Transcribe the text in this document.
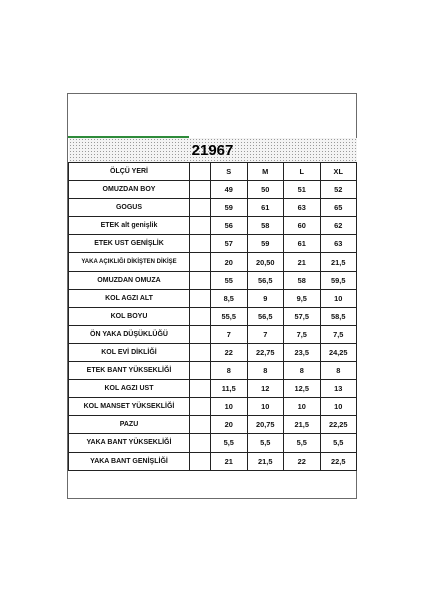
21967					
ÖLÇÜ YERİ		S	M	L	XL
OMUZDAN BOY		49	50	51	52
GOGUS		59	61	63	65
ETEK alt genişlik		56	58	60	62
ETEK UST GENİŞLİK		57	59	61	63
YAKA AÇIKLIĞI DİKİŞTEN DİKİŞE		20	20,50	21	21,5
OMUZDAN OMUZA		55	56,5	58	59,5
KOL AGZI ALT		8,5	9	9,5	10
KOL BOYU		55,5	56,5	57,5	58,5
ÖN YAKA DÜŞÜKLÜĞÜ		7	7	7,5	7,5
KOL EVİ DİKLİĞİ		22	22,75	23,5	24,25
ETEK BANT YÜKSEKLİĞİ		8	8	8	8
KOL AGZI UST		11,5	12	12,5	13
KOL MANSET YÜKSEKLİĞİ		10	10	10	10
PAZU		20	20,75	21,5	22,25
YAKA BANT YÜKSEKLİĞİ		5,5	5,5	5,5	5,5
YAKA BANT GENİŞLİĞİ		21	21,5	22	22,5
